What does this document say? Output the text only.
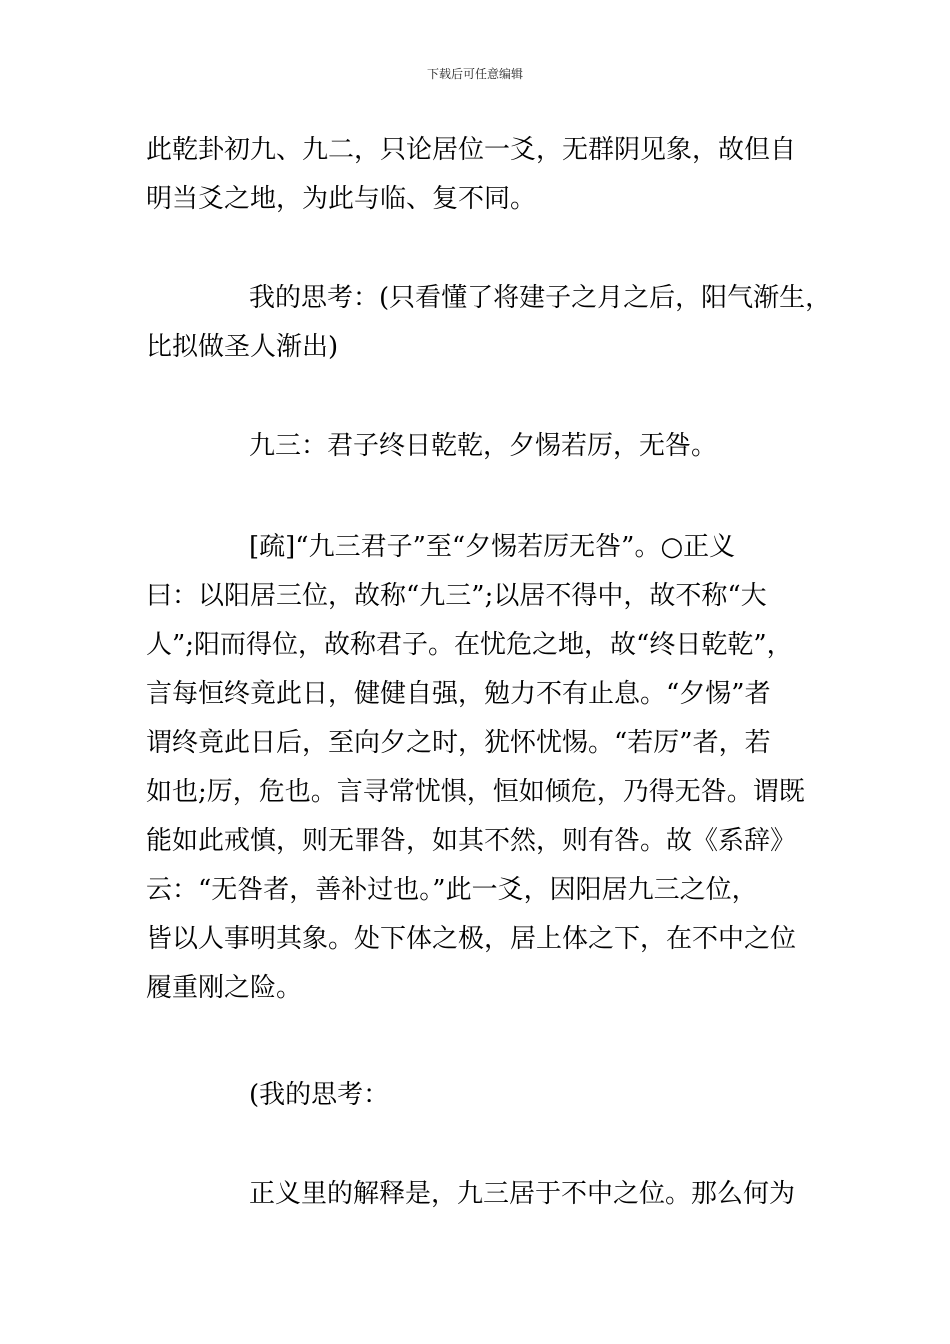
下载后可任意编辑
此乾卦初九、九二，只论居位一爻，无群阴见象，故但自
明当爻之地，为此与临、复不同。
我的思考：(只看懂了将建子之月之后，阳气渐生，
比拟做圣人渐出)
九三：君子终日乾乾，夕惕若厉，无咎。
[疏]“九三君子”至“夕惕若厉无咎”。○正义
曰：以阳居三位，故称“九三”;以居不得中，故不称“大
人”;阳而得位，故称君子。在忧危之地，故“终日乾乾”，
言每恒终竟此日，健健自强，勉力不有止息。“夕惕”者
谓终竟此日后，至向夕之时，犹怀忧惕。“若厉”者，若
如也;厉，危也。言寻常忧惧，恒如倾危，乃得无咎。谓既
能如此戒慎，则无罪咎，如其不然，则有咎。故《系辞》
云：“无咎者，善补过也。”此一爻，因阳居九三之位，
皆以人事明其象。处下体之极，居上体之下，在不中之位
履重刚之险。
(我的思考：
正义里的解释是，九三居于不中之位。那么何为
